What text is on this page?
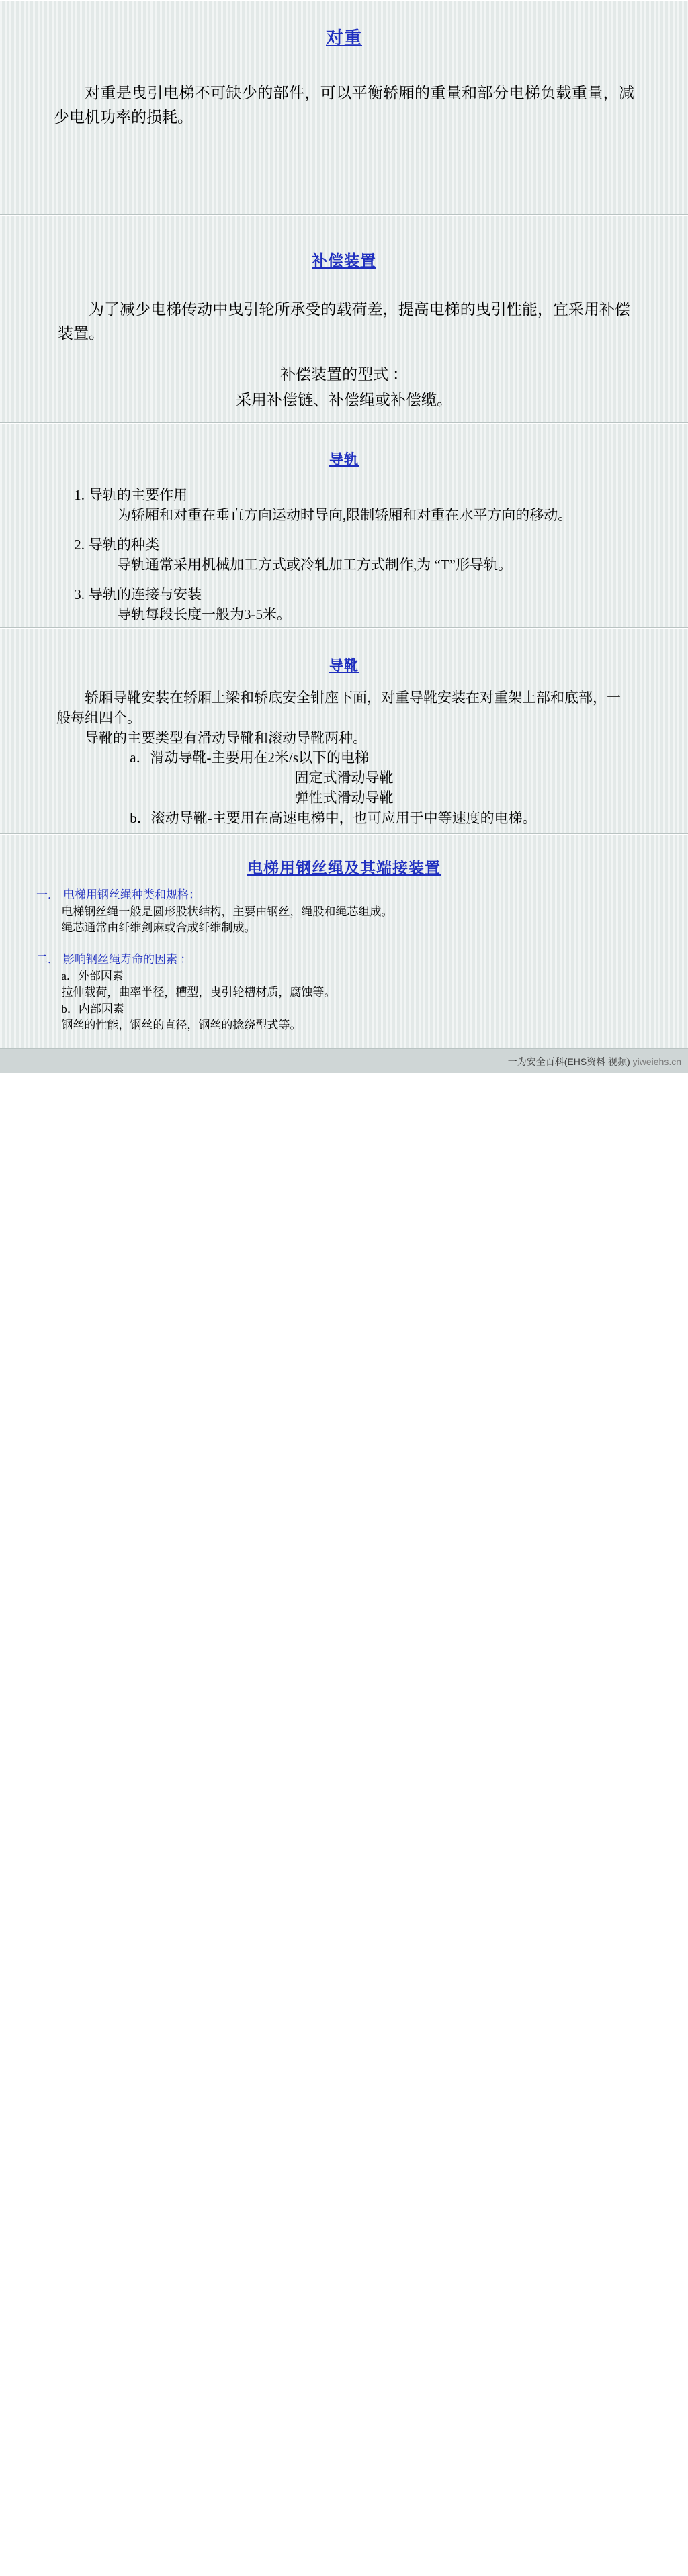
对重
对重是曳引电梯不可缺少的部件，可以平衡轿厢的重量和部分电梯负载重量，减少电机功率的损耗。
补偿装置
为了减少电梯传动中曳引轮所承受的载荷差，提高电梯的曳引性能，宜采用补偿装置。
补偿装置的型式 ：
采用补偿链、补偿绳或补偿缆。
导轨
导轨的主要作用
为轿厢和对重在垂直方向运动时导向,限制轿厢和对重在水平方向的移动。
导轨的种类
导轨通常采用机械加工方式或冷轧加工方式制作,为 “T”形导轨。
导轨的连接与安装
导轨每段长度一般为3-5米。
导靴
轿厢导靴安装在轿厢上梁和轿底安全钳座下面，对重导靴安装在对重架上部和底部，一般每组四个。
导靴的主要类型有滑动导靴和滚动导靴两种。
a．滑动导靴-主要用在2米/s以下的电梯
固定式滑动导靴
弹性式滑动导靴
b．滚动导靴-主要用在高速电梯中，也可应用于中等速度的电梯。
电梯用钢丝绳及其端接装置
一． 电梯用钢丝绳种类和规格：
电梯钢丝绳一般是圆形股状结构，主要由钢丝，绳股和绳芯组成。
绳芯通常由纤维剑麻或合成纤维制成。
二． 影响钢丝绳寿命的因素 ：
a．外部因素
拉伸载荷，曲率半径，槽型，曳引轮槽材质，腐蚀等。
b．内部因素
钢丝的性能，钢丝的直径，钢丝的捻绕型式等。
一为安全百科(EHS资料 视频) yiweiehs.cn
